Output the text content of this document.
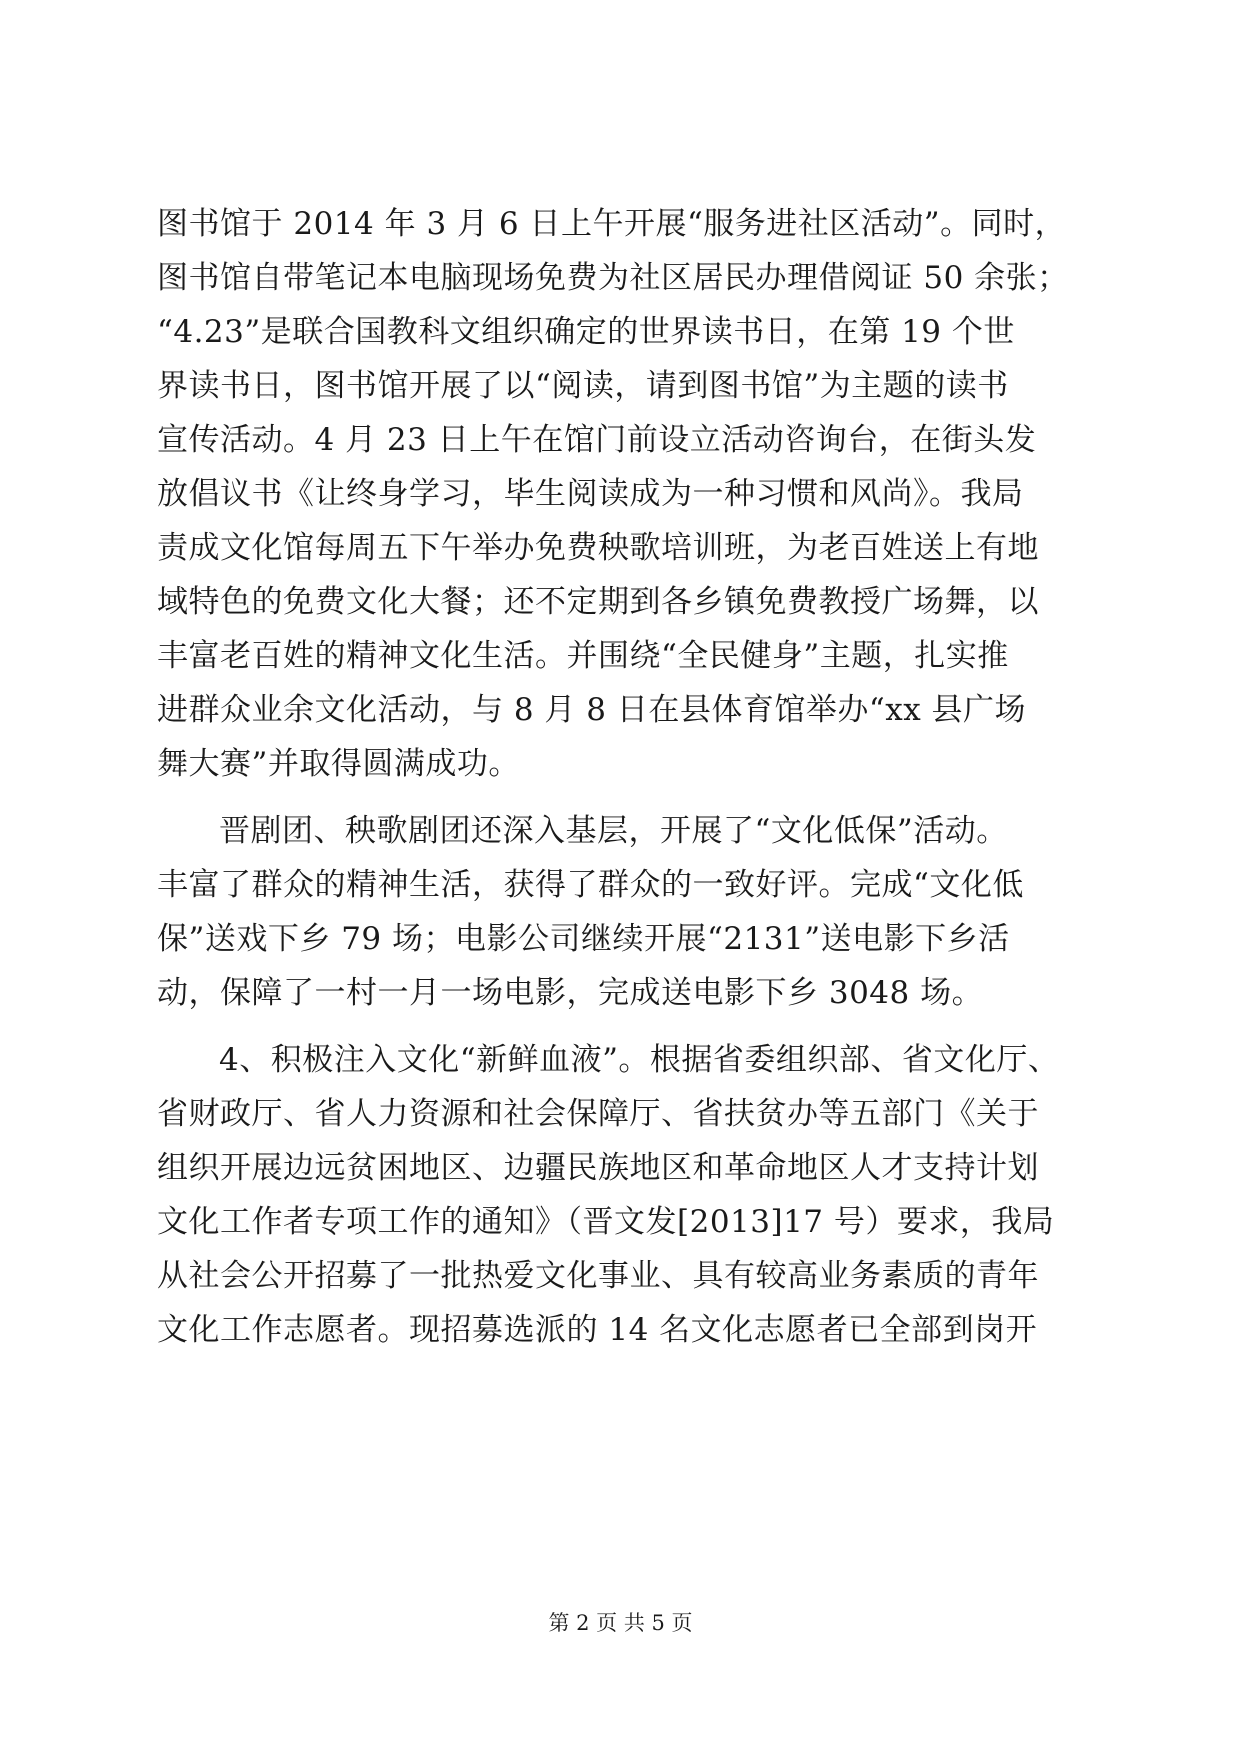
图书馆于 2014 年 3 月 6 日上午开展“服务进社区活动”。同时，
图书馆自带笔记本电脑现场免费为社区居民办理借阅证 50 余张；
“4.23”是联合国教科文组织确定的世界读书日，在第 19 个世
界读书日，图书馆开展了以“阅读，请到图书馆”为主题的读书
宣传活动。4 月 23 日上午在馆门前设立活动咨询台，在街头发
放倡议书《让终身学习，毕生阅读成为一种习惯和风尚》。我局
责成文化馆每周五下午举办免费秧歌培训班，为老百姓送上有地
域特色的免费文化大餐；还不定期到各乡镇免费教授广场舞，以
丰富老百姓的精神文化生活。并围绕“全民健身”主题，扎实推
进群众业余文化活动，与 8 月 8 日在县体育馆举办“xx 县广场
舞大赛”并取得圆满成功。
晋剧团、秧歌剧团还深入基层，开展了“文化低保”活动。
丰富了群众的精神生活，获得了群众的一致好评。完成“文化低
保”送戏下乡 79 场；电影公司继续开展“2131”送电影下乡活
动，保障了一村一月一场电影，完成送电影下乡 3048 场。
4、积极注入文化“新鲜血液”。根据省委组织部、省文化厅、
省财政厅、省人力资源和社会保障厅、省扶贫办等五部门《关于
组织开展边远贫困地区、边疆民族地区和革命地区人才支持计划
文化工作者专项工作的通知》（晋文发[2013]17 号）要求，我局
从社会公开招募了一批热爱文化事业、具有较高业务素质的青年
文化工作志愿者。现招募选派的 14 名文化志愿者已全部到岗开
第 2 页 共 5 页
